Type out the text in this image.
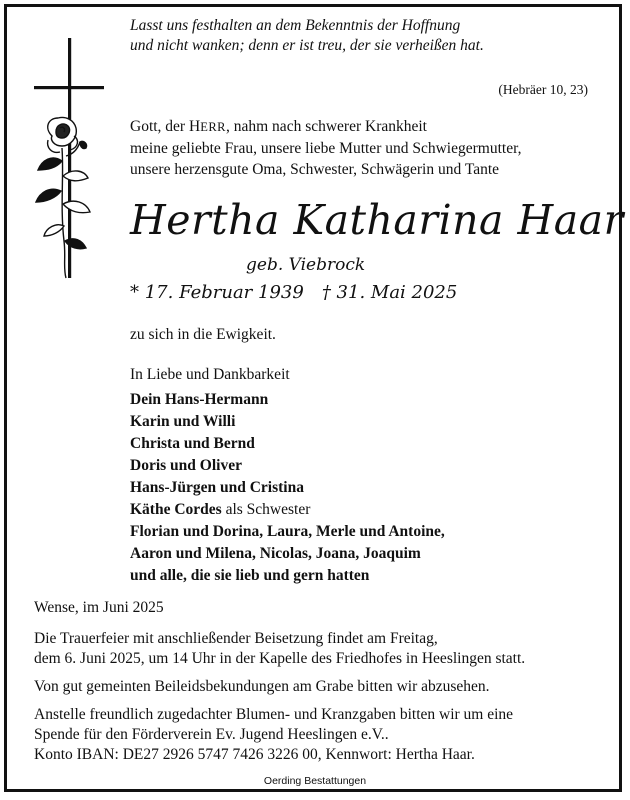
Lasst uns festhalten an dem Bekenntnis der Hoffnung
und nicht wanken; denn er ist treu, der sie verheißen hat.
(Hebräer 10, 23)
Gott, der HERR, nahm nach schwerer Krankheit
meine geliebte Frau, unsere liebe Mutter und Schwiegermutter,
unsere herzensgute Oma, Schwester, Schwägerin und Tante
Hertha Katharina Haar
geb. Viebrock
* 17. Februar 1939 † 31. Mai 2025
zu sich in die Ewigkeit.
In Liebe und Dankbarkeit
Dein Hans-Hermann
Karin und Willi
Christa und Bernd
Doris und Oliver
Hans-Jürgen und Cristina
Käthe Cordes als Schwester
Florian und Dorina, Laura, Merle und Antoine,
Aaron und Milena, Nicolas, Joana, Joaquim
und alle, die sie lieb und gern hatten
Wense, im Juni 2025
Die Trauerfeier mit anschließender Beisetzung findet am Freitag,
dem 6. Juni 2025, um 14 Uhr in der Kapelle des Friedhofes in Heeslingen statt.
Von gut gemeinten Beileidsbekundungen am Grabe bitten wir abzusehen.
Anstelle freundlich zugedachter Blumen- und Kranzgaben bitten wir um eine
Spende für den Förderverein Ev. Jugend Heeslingen e.V..
Konto IBAN: DE27 2926 5747 7426 3226 00, Kennwort: Hertha Haar.
Oerding Bestattungen
